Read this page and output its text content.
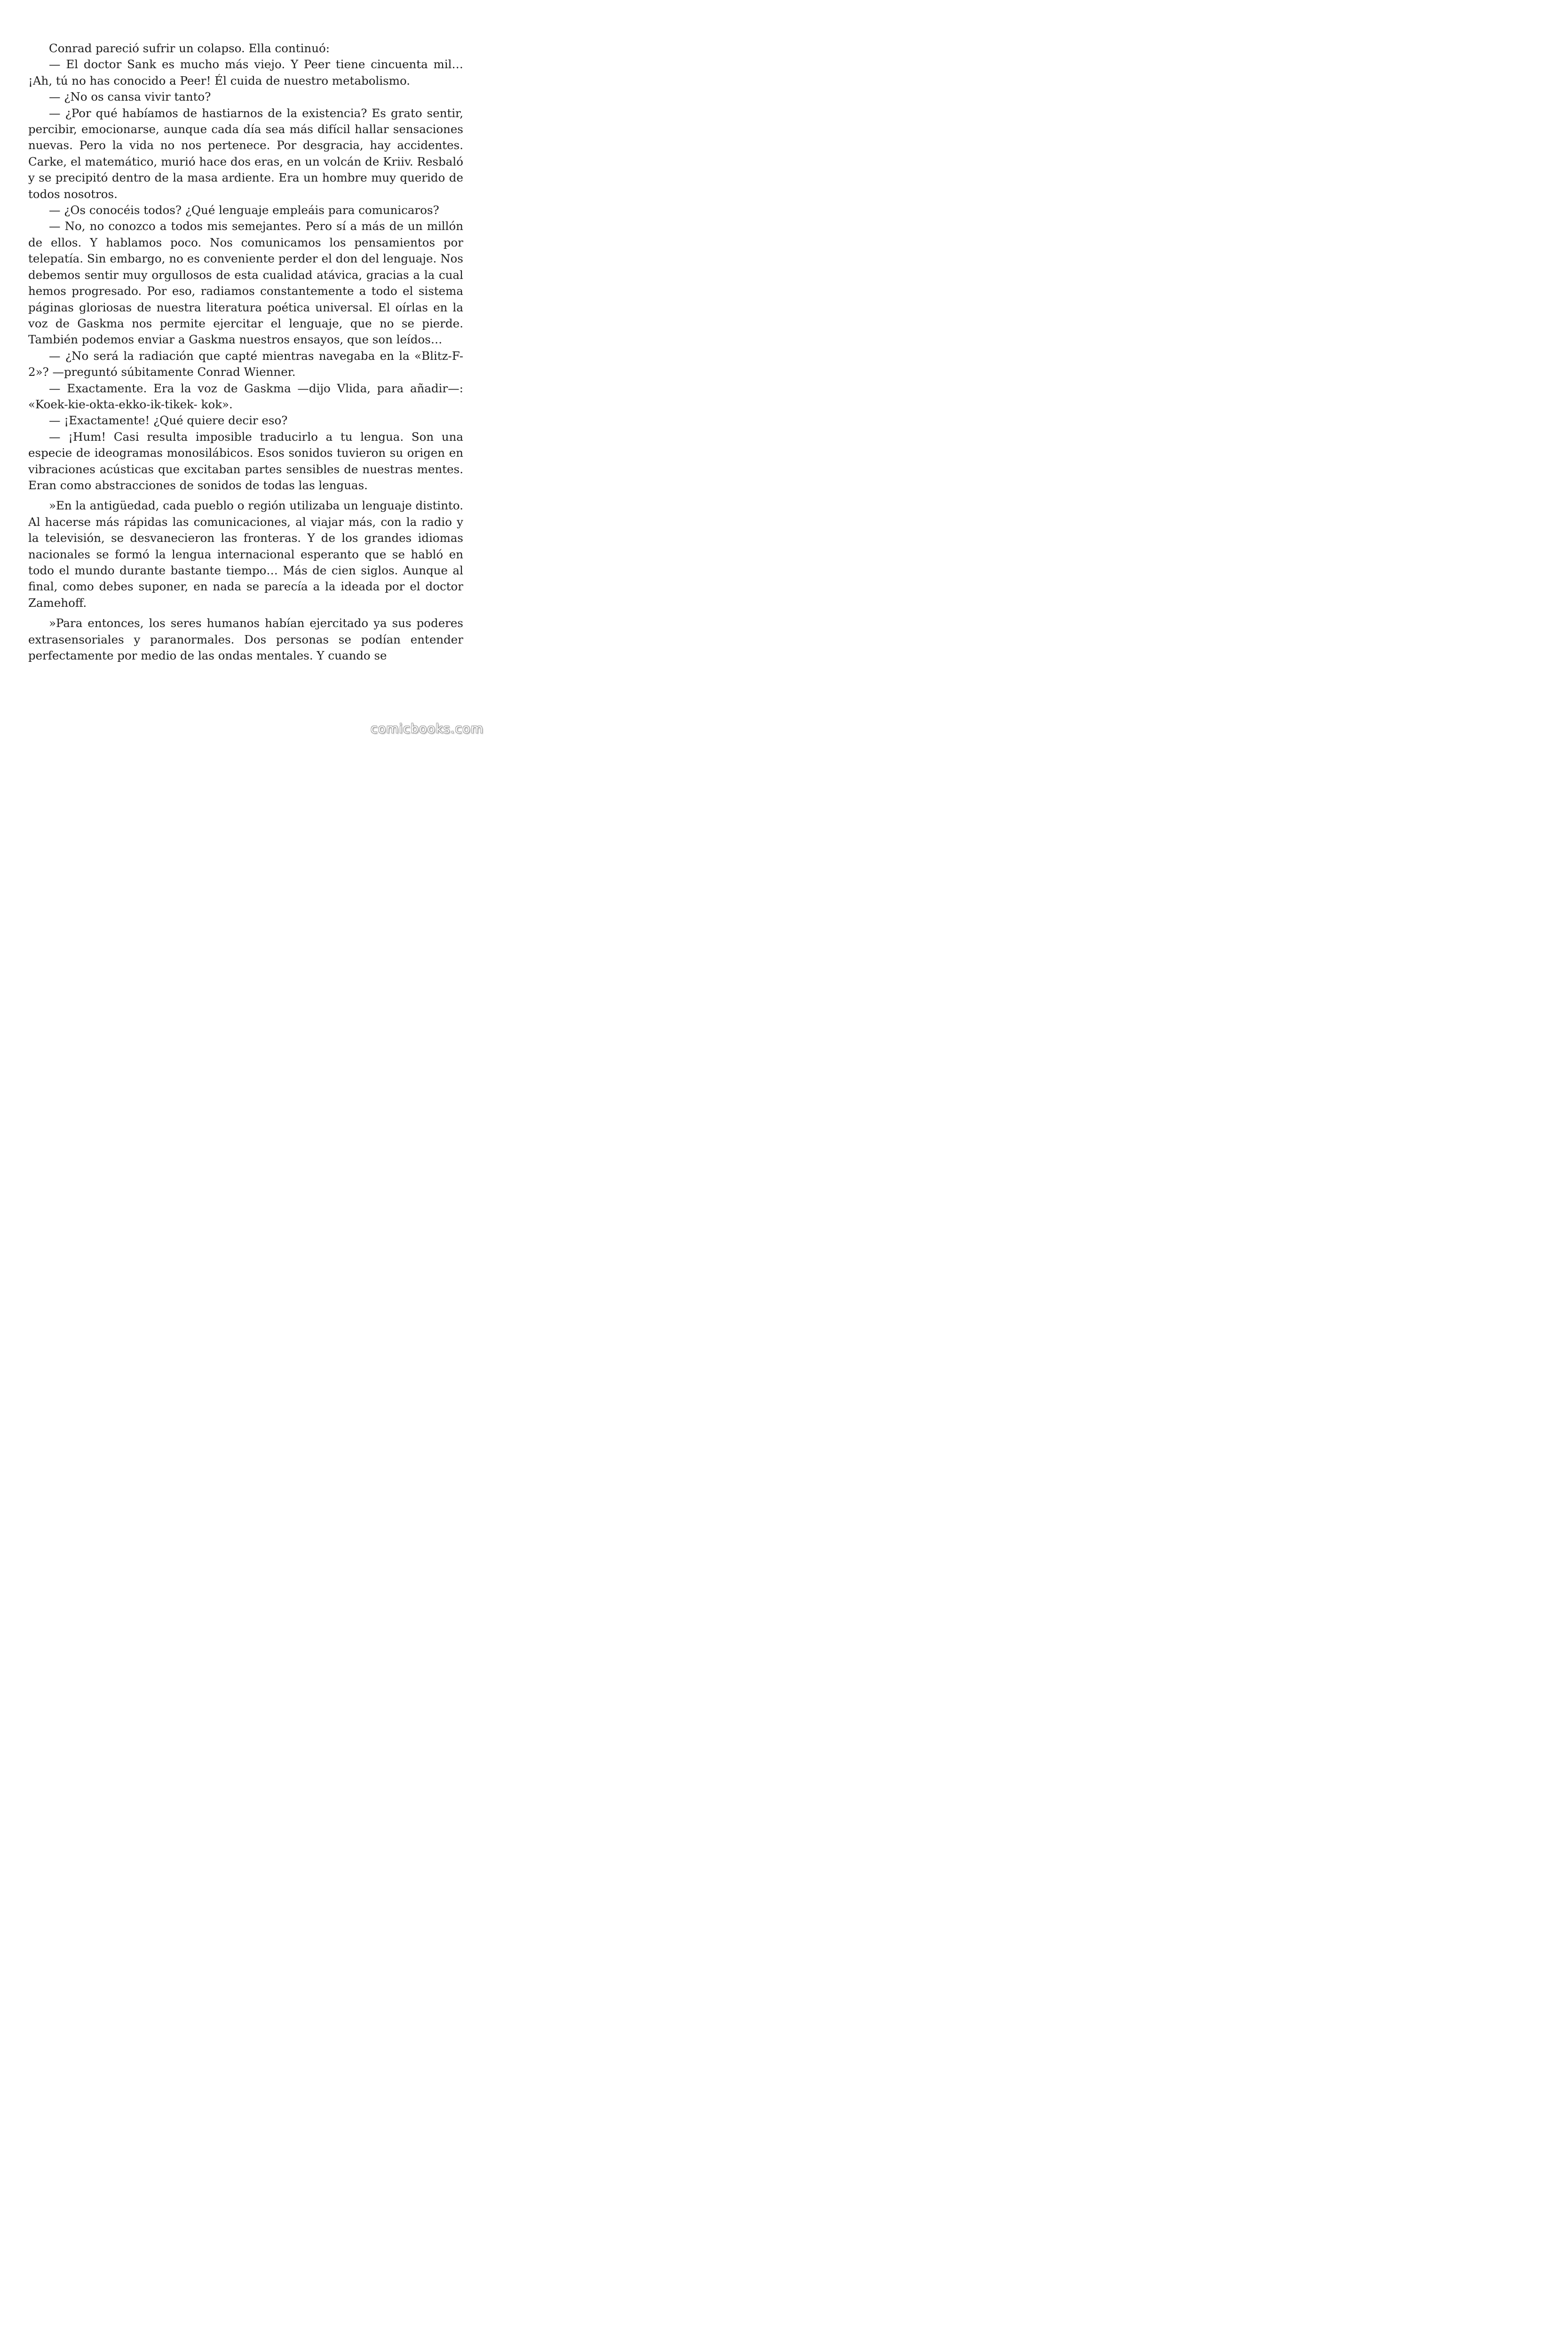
Conrad pareció sufrir un colapso. Ella continuó:

— El doctor Sank es mucho más viejo. Y Peer tiene cincuenta mil… ¡Ah, tú no has conocido a Peer! Él cuida de nuestro metabolismo.

— ¿No os cansa vivir tanto?

— ¿Por qué habíamos de hastiarnos de la existencia? Es grato sentir, percibir, emocionarse, aunque cada día sea más difícil hallar sensaciones nuevas. Pero la vida no nos pertenece. Por desgracia, hay accidentes. Carke, el matemático, murió hace dos eras, en un volcán de Kriiv. Resbaló y se precipitó dentro de la masa ardiente. Era un hombre muy querido de todos nosotros.

— ¿Os conocéis todos? ¿Qué lenguaje empleáis para comunicaros?

— No, no conozco a todos mis semejantes. Pero sí a más de un millón de ellos. Y hablamos poco. Nos comunicamos los pensamientos por telepatía. Sin embargo, no es conveniente perder el don del lenguaje. Nos debemos sentir muy orgullosos de esta cualidad atávica, gracias a la cual hemos progresado. Por eso, radiamos constantemente a todo el sistema páginas gloriosas de nuestra literatura poética universal. El oírlas en la voz de Gaskma nos permite ejercitar el lenguaje, que no se pierde. También podemos enviar a Gaskma nuestros ensayos, que son leídos…

— ¿No será la radiación que capté mientras navegaba en la «Blitz-F-2»? —preguntó súbitamente Conrad Wienner.

— Exactamente. Era la voz de Gaskma —dijo Vlida, para añadir—: «Koek-kie-okta-ekko-ik-tikek- kok».

— ¡Exactamente! ¿Qué quiere decir eso?

— ¡Hum! Casi resulta imposible traducirlo a tu lengua. Son una especie de ideogramas monosilábicos. Esos sonidos tuvieron su origen en vibraciones acústicas que excitaban partes sensibles de nuestras mentes. Eran como abstracciones de sonidos de todas las lenguas.

»En la antigüedad, cada pueblo o región utilizaba un lenguaje distinto. Al hacerse más rápidas las comunicaciones, al viajar más, con la radio y la televisión, se desvanecieron las fronteras. Y de los grandes idiomas nacionales se formó la lengua internacional esperanto que se habló en todo el mundo durante bastante tiempo… Más de cien siglos. Aunque al final, como debes suponer, en nada se parecía a la ideada por el doctor Zamehoff.

»Para entonces, los seres humanos habían ejercitado ya sus poderes extrasensoriales y paranormales. Dos personas se podían entender perfectamente por medio de las ondas mentales. Y cuando se

comicbooks.com
